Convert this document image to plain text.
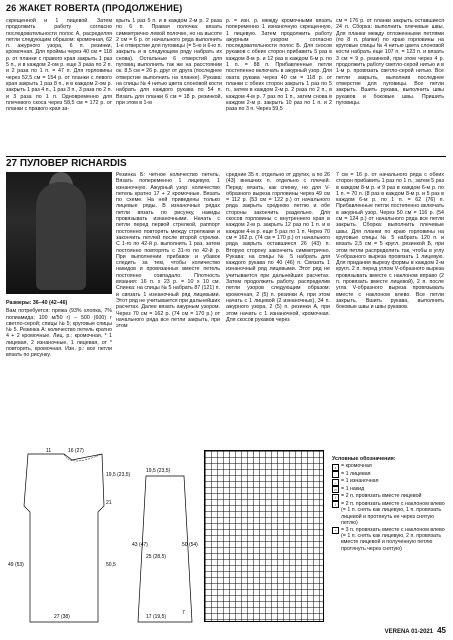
26 ЖАКЕТ ROBERTA (ПРОДОЛЖЕНИЕ)
скрещенной и 1 лицевой. Затем продолжить работу согласно последовательности полос А, расределяя петли следующим образом: кромочная, 62 п. ажурного узора, 6 п. резинки, кромочная. Для проймы через 40 см = 118 р. от планки с правого края закрыть 1 раз 5 п., и в каждом 2-ом р. еще 3 раза по 2 п. и 2 раза по 1 п. = 47 п. Для горловины через 52,5 см = 154 р. от планки с левого края закрыть 1 раз 8 п., и в каждом 2-ом р. закрыть 1 раз 4 п., 1 раз 3 п., 3 раза по 2 п. и 3 раза по 1 п. Одновременно для плечевого скоса через 58,5 см = 172 р. от планки с правого края за-
крыть 1 раз 5 п. и в каждом 2-м р. 2 раза по 6 п. Правая полочка: вязать симметрично левой полочке, но на высоте 2 см = 6 р. от начального ряда выполнить 1-е отверстие для пуговицы (= 5-ю и 6-ю п. закрыть и в следующем ряду набрать их снова). Остальные 6 отверстий для пуговиц выполнить так же на расстоянии ок. 8,5 см = 26 р. друг от друга (последнее отверстие выполнить на планке). Рукава: на спицы № 4 нитью цвета слоновой кости набрать для каждого рукава по 54 п. Вязать для планки 6 см = 18 р. резинкой, при этом в 1-м
р. = изн. р. между кромочными вязать попеременно 1 изнаночную скрещенную, 1 лицевую. Затем продолжить работу ажурным узором согласно последовательности полос Б. Для скосов рукавов с обеих сторон прибавить 5 раз в каждом 8-м р. и 12 раз в каждом 6-м р. по 1 п. = 88 п. Прибавленные петли постепенно включать в ажурный узор. Для оката рукава через 40 см = 118 р. от планки с обеих сторон закрыть 1 раз по 5 п., затем в каждом 2-м р. 2 раза по 2 п., в каждом 4-м р. 7 раз по 1 п., затем снова в каждом 2-м р. закрыть 10 раз по 1 п. и 2 раза по 3 п. Через 59,5
см = 176 р. от планки закрыть оставшиеся 24 п. Сборка: выполнить плечевые швы. Для планки между отложенными петлями (по 8 п. planки) по краю горловины на круговые спицы № 4 нитью цвета слоновой кости набрать еще 107 п. = 123 п. и вязать 3 см = 9 р. резинкой, при этом через 4 р. продолжить работу светло-серой нитью и в 1-м р. провязать светло-серой нитью. Все петли закрыть, выполнив последнее отверстие для пуговицы. Все петли закрыть. Вшить рукава, выполнить швы рукавов и боковые швы. Пришить пуговицы.
27 ПУЛОВЕР RICHARDIS
Размеры: 36–40 (42–46)
Вам потребуется: пряжа (93% хлопка, 7% полиамида; 100 м/50 г) – 500 (600) г светло-серой; спицы № 5; круговые спицы № 5. Резинка А: количество петель кратно 4 + 2 кромочные. Лиц. р.: кромочная, * 1 лицевая, 2 изнаночные, 1 лицевая, от * повторять, кромочная. Изн. р.: все петли вязать по рисунку.
Резинка Б: четное количество петель. Вязать попеременно 1 лицевую, 1 изнаночную. Ажурный узор: количество петель кратно 17 + 2 кромочные. Вязать по схеме. На ней приведены только лицевые ряды. В изнаночных рядах петли вязать по рисунку, накиды провязывать изнаночными. Начать с петли перед первой стрелкой, раппорт постоянно повторять между стрелками и закончить петлей после второй стрелки. С 1-го по 42-й р. выполнить 1 раз, затем постоянно повторять с 31-го по 42-й р. При выполнении прибавок и убавок следить за тем, чтобы количество накидов и провязанных вместе петель постоянно совпадало. Плотность вязания: 16 п. x 23 р. = 10 x 10 см. Спинка: на спицы № 5 набрать 87 (121) п. и связать 1 изнаночный ряд лицевыми. Этот ряд не учитывается при дальнейших расчетах. Далее вязать ажурным узором. Через 70 см = 162 р. (74 см = 170 р.) от начального ряда все петли закрыть, при этом
средние 35 п. отдельно от других, а по 26 (43) внешних п. отдельно с плечей. Перед: вязать, как спинку, но для V-образного выреза горловины через 49 см = 112 р. (53 см = 122 р.) от начального ряда закрыть среднюю петлю и обе стороны закончить раздельно. Для скосов горловины с внутреннего края в каждом 2-м р. закрыть 12 раз по 1 п. и в каждом 4-м р. еще 5 раз по 1 п. Через 70 см = 162 р. (74 см = 170 р.) от начального ряда закрыть оставшиеся 26 (43) п. Вторую сторону закончить симметрично. Рукава: на спицы № 5 набрать для каждого рукава по 40 (46) п. Связать 1 изнаночный ряд лицевыми. Этот ряд не учитывается при дальнейших расчетах. Затем продолжить работу, распределив петли узоров следующим образом: кромочная, 2 (5) п. резинки А, при этом начать с 1 лицевой (2 изнаночных), 34 п. ажурного узора, 2 (5) п. резинки А, при этом начать с 1 изнаночной, кромочная. Для скосов рукавов через
7 см = 16 р. от начального ряда с обеих сторон прибавить 1 раз по 1 п., затем 5 раз в каждом 8-м р. и 9 раз в каждом 6-м р. по 1 п. = 70 п. (8 раз в каждом 8-м р. и 5 раз в каждом 6-м р. по 1 п. = 62 (76) п. Прибавленные петли постепенно включать в ажурный узор. Через 50 см = 116 р. (54 см = 124 р.) от начального ряда все петли закрыть. Сборка: выполнить плечевые швы. Для планки по краю горловины на круговые спицы № 5 набрать 120 п. и вязать 2,5 см = 5 кругл. резинкой Б, при этом петли распределить так, чтобы в углу V-образного выреза провязать 1 лицевую. Для придания вырезу формы в каждом 2-м кругл. 2 п. перед углом V-образного выреза провязывать вместе с наклоном вправо (2 п. провязать вместе лицевой), 2 п. после угла V-образного выреза провязывать вместе с наклоном влево. Все петли закрыть. Вшить рукава, выполнить боковые швы и швы рукавов.
11	16 (27)
19,5 (23,5)
21
49 (53)	50,5
27 (38)
19,5 (23,5)
43 (47)	50 (54)
7
17 (19,5)
25 (28,5)
Условные обозначения:
• = кромочная
= 1 лицевая
– = 1 изнаночная
o = 1 накид
/ = 2 п. провязать вместе лицевой
\ = 2 п. провязать вместе с наклоном влево (= 1 п. снять как лицевую, 1 п. провязать лицевой и протянуть ее через снятую петлю)
^ = 3 п. провязать вместе с наклоном влево (= 1 п. снять как лицевую, 2 п. провязать вместе лицевой и полученную петлю протянуть через снятую)
VERENA 01-2021 45
